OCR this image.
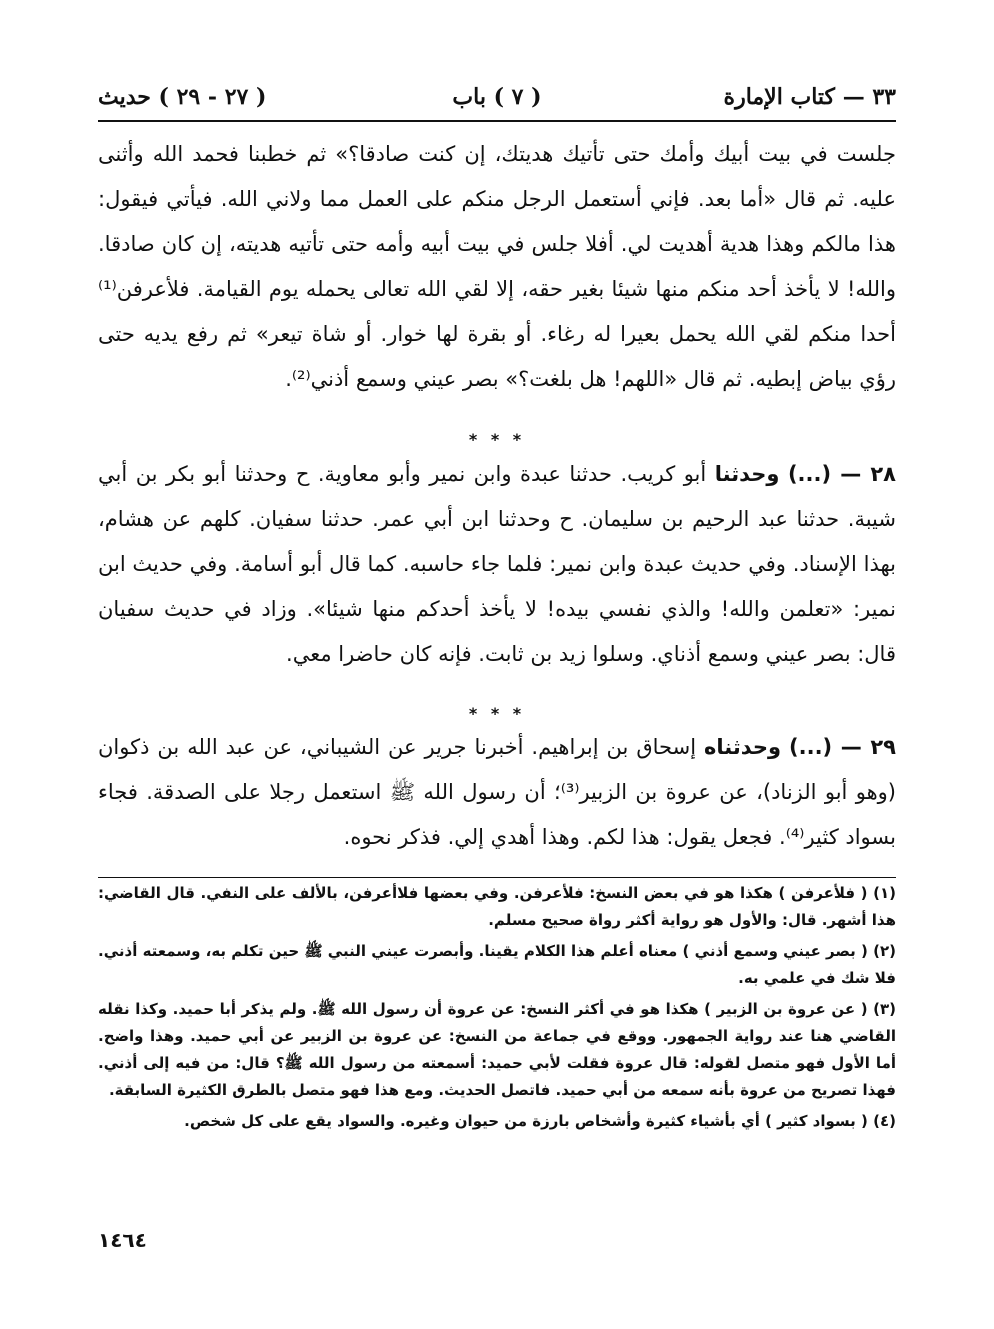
٣٣ — كتاب الإمارة
( ٧ ) باب
( ٢٧ - ٢٩ ) حديث
جلست في بيت أبيك وأمك حتى تأتيك هديتك، إن كنت صادقا؟» ثم خطبنا فحمد الله وأثنى عليه. ثم قال «أما بعد. فإني أستعمل الرجل منكم على العمل مما ولاني الله. فيأتي فيقول: هذا مالكم وهذا هدية أهديت لي. أفلا جلس في بيت أبيه وأمه حتى تأتيه هديته، إن كان صادقا. والله! لا يأخذ أحد منكم منها شيئا بغير حقه، إلا لقي الله تعالى يحمله يوم القيامة. فلأعرفن⁽¹⁾ أحدا منكم لقي الله يحمل بعيرا له رغاء. أو بقرة لها خوار. أو شاة تيعر» ثم رفع يديه حتى رؤي بياض إبطيه. ثم قال «اللهم! هل بلغت؟» بصر عيني وسمع أذني⁽²⁾.
* * *
٢٨ — (...) وحدثنا أبو كريب. حدثنا عبدة وابن نمير وأبو معاوية. ح وحدثنا أبو بكر بن أبي شيبة. حدثنا عبد الرحيم بن سليمان. ح وحدثنا ابن أبي عمر. حدثنا سفيان. كلهم عن هشام، بهذا الإسناد. وفي حديث عبدة وابن نمير: فلما جاء حاسبه. كما قال أبو أسامة. وفي حديث ابن نمير: «تعلمن والله! والذي نفسي بيده! لا يأخذ أحدكم منها شيئا». وزاد في حديث سفيان قال: بصر عيني وسمع أذناي. وسلوا زيد بن ثابت. فإنه كان حاضرا معي.
* * *
٢٩ — (...) وحدثناه إسحاق بن إبراهيم. أخبرنا جرير عن الشيباني، عن عبد الله بن ذكوان (وهو أبو الزناد)، عن عروة بن الزبير⁽³⁾؛ أن رسول الله ﷺ استعمل رجلا على الصدقة. فجاء بسواد كثير⁽⁴⁾. فجعل يقول: هذا لكم. وهذا أهدي إلي. فذكر نحوه.

(١) ( فلأعرفن ) هكذا هو في بعض النسخ: فلأعرفن. وفي بعضها فلاأعرفن، بالألف على النفي. قال القاضي: هذا أشهر. قال: والأول هو رواية أكثر رواة صحيح مسلم.

(٢) ( بصر عيني وسمع أذني ) معناه أعلم هذا الكلام يقينا. وأبصرت عيني النبي ﷺ حين تكلم به، وسمعته أذني. فلا شك في علمي به.

(٣) ( عن عروة بن الزبير ) هكذا هو في أكثر النسخ: عن عروة أن رسول الله ﷺ. ولم يذكر أبا حميد. وكذا نقله القاضي هنا عند رواية الجمهور. ووقع في جماعة من النسخ: عن عروة بن الزبير عن أبي حميد. وهذا واضح. أما الأول فهو متصل لقوله: قال عروة فقلت لأبي حميد: أسمعته من رسول الله ﷺ؟ قال: من فيه إلى أذني. فهذا تصريح من عروة بأنه سمعه من أبي حميد. فاتصل الحديث. ومع هذا فهو متصل بالطرق الكثيرة السابقة.

(٤) ( بسواد كثير ) أي بأشياء كثيرة وأشخاص بارزة من حيوان وغيره. والسواد يقع على كل شخص.

١٤٦٤
